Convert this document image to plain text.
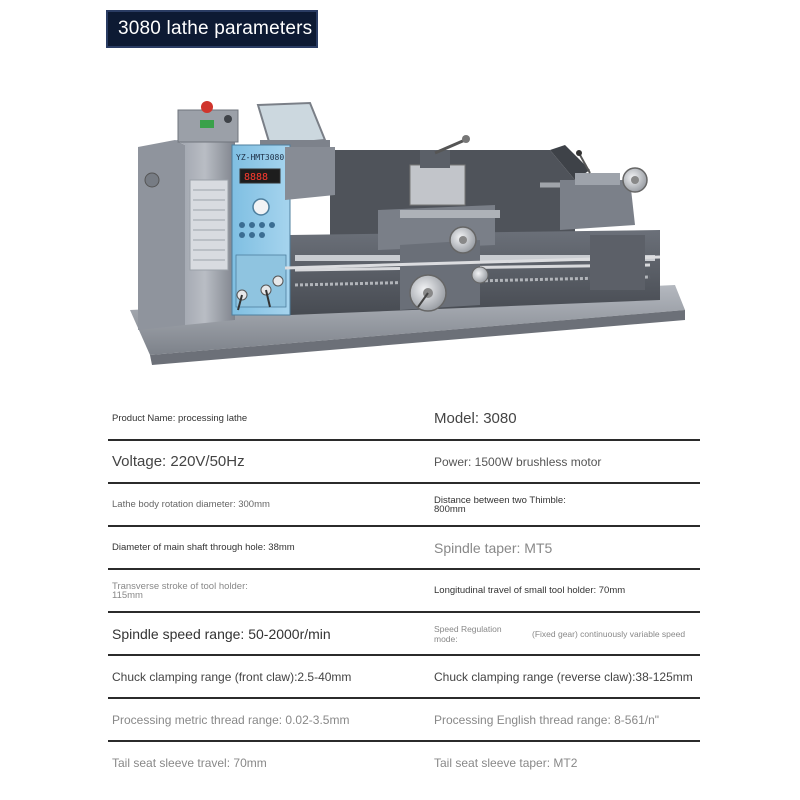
3080 lathe parameters
YZ-HMT3080
8888
Product Name: processing lathe	Model: 3080
Voltage: 220V/50Hz	Power: 1500W brushless motor
Lathe body rotation diameter: 300mm	Distance between two Thimble:
800mm
Diameter of main shaft through hole: 38mm	Spindle taper: MT5
Transverse stroke of tool holder:
115mm	Longitudinal travel of small tool holder: 70mm
Spindle speed range: 50-2000r/min	Speed Regulation mode:	(Fixed gear) continuously variable speed
Chuck clamping range (front claw):2.5-40mm	Chuck clamping range (reverse claw):38-125mm
Processing metric thread range: 0.02-3.5mm	Processing English thread range: 8-561/n"
Tail seat sleeve travel: 70mm	Tail seat sleeve taper: MT2
